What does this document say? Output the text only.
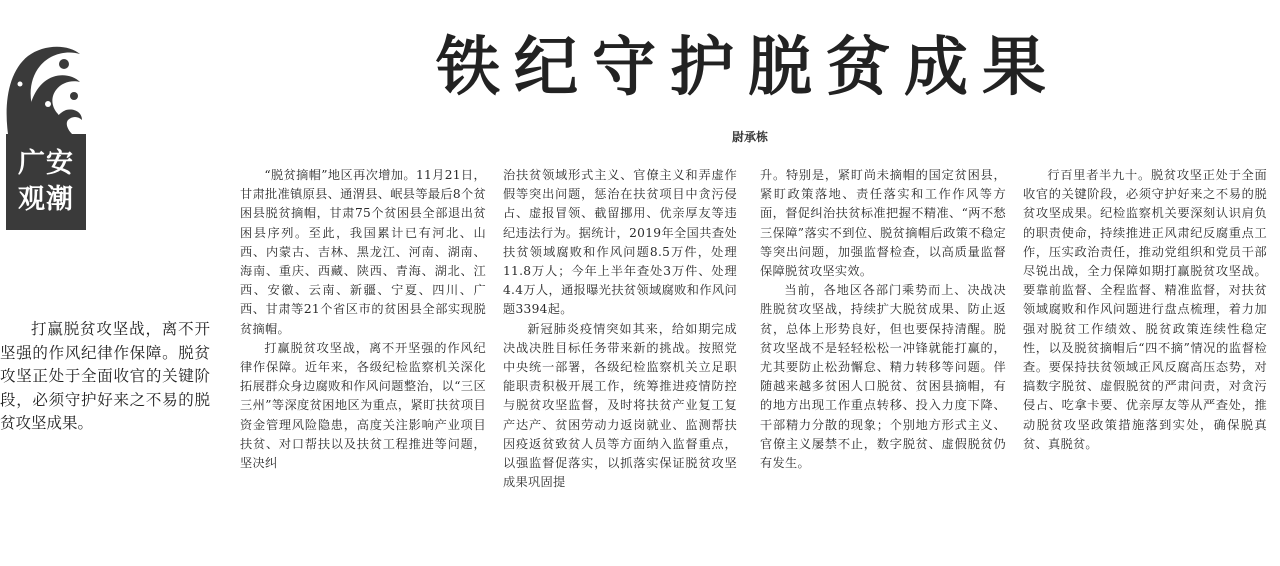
广安
观潮

打赢脱贫攻坚战，离不开坚强的作风纪律作保障。脱贫攻坚正处于全面收官的关键阶段，必须守护好来之不易的脱贫攻坚成果。

铁纪守护脱贫成果
尉承栋

“脱贫摘帽”地区再次增加。11月21日，甘肃批准镇原县、通渭县、岷县等最后8个贫困县脱贫摘帽，甘肃75个贫困县全部退出贫困县序列。至此，我国累计已有河北、山西、内蒙古、吉林、黑龙江、河南、湖南、海南、重庆、西藏、陕西、青海、湖北、江西、安徽、云南、新疆、宁夏、四川、广西、甘肃等21个省区市的贫困县全部实现脱贫摘帽。

打赢脱贫攻坚战，离不开坚强的作风纪律作保障。近年来，各级纪检监察机关深化拓展群众身边腐败和作风问题整治，以“三区三州”等深度贫困地区为重点，紧盯扶贫项目资金管理风险隐患，高度关注影响产业项目扶贫、对口帮扶以及扶贫工程推进等问题，坚决纠

治扶贫领域形式主义、官僚主义和弄虚作假等突出问题，惩治在扶贫项目中贪污侵占、虚报冒领、截留挪用、优亲厚友等违纪违法行为。据统计，2019年全国共查处扶贫领域腐败和作风问题8.5万件，处理11.8万人；今年上半年查处3万件、处理4.4万人，通报曝光扶贫领域腐败和作风问题3394起。

新冠肺炎疫情突如其来，给如期完成决战决胜目标任务带来新的挑战。按照党中央统一部署，各级纪检监察机关立足职能职责积极开展工作，统筹推进疫情防控与脱贫攻坚监督，及时将扶贫产业复工复产达产、贫困劳动力返岗就业、监测帮扶因疫返贫致贫人员等方面纳入监督重点，以强监督促落实，以抓落实保证脱贫攻坚成果巩固提

升。特别是，紧盯尚未摘帽的国定贫困县，紧盯政策落地、责任落实和工作作风等方面，督促纠治扶贫标准把握不精准、“两不愁三保障”落实不到位、脱贫摘帽后政策不稳定等突出问题，加强监督检查，以高质量监督保障脱贫攻坚实效。

当前，各地区各部门乘势而上、决战决胜脱贫攻坚战，持续扩大脱贫成果、防止返贫，总体上形势良好，但也要保持清醒。脱贫攻坚战不是轻轻松松一冲锋就能打赢的，尤其要防止松劲懈怠、精力转移等问题。伴随越来越多贫困人口脱贫、贫困县摘帽，有的地方出现工作重点转移、投入力度下降、干部精力分散的现象；个别地方形式主义、官僚主义屡禁不止，数字脱贫、虚假脱贫仍有发生。

行百里者半九十。脱贫攻坚正处于全面收官的关键阶段，必须守护好来之不易的脱贫攻坚成果。纪检监察机关要深刻认识肩负的职责使命，持续推进正风肃纪反腐重点工作，压实政治责任，推动党组织和党员干部尽锐出战，全力保障如期打赢脱贫攻坚战。要靠前监督、全程监督、精准监督，对扶贫领域腐败和作风问题进行盘点梳理，着力加强对脱贫工作绩效、脱贫政策连续性稳定性，以及脱贫摘帽后“四不摘”情况的监督检查。要保持扶贫领域正风反腐高压态势，对搞数字脱贫、虚假脱贫的严肃问责，对贪污侵占、吃拿卡要、优亲厚友等从严查处，推动脱贫攻坚政策措施落到实处，确保脱真贫、真脱贫。
